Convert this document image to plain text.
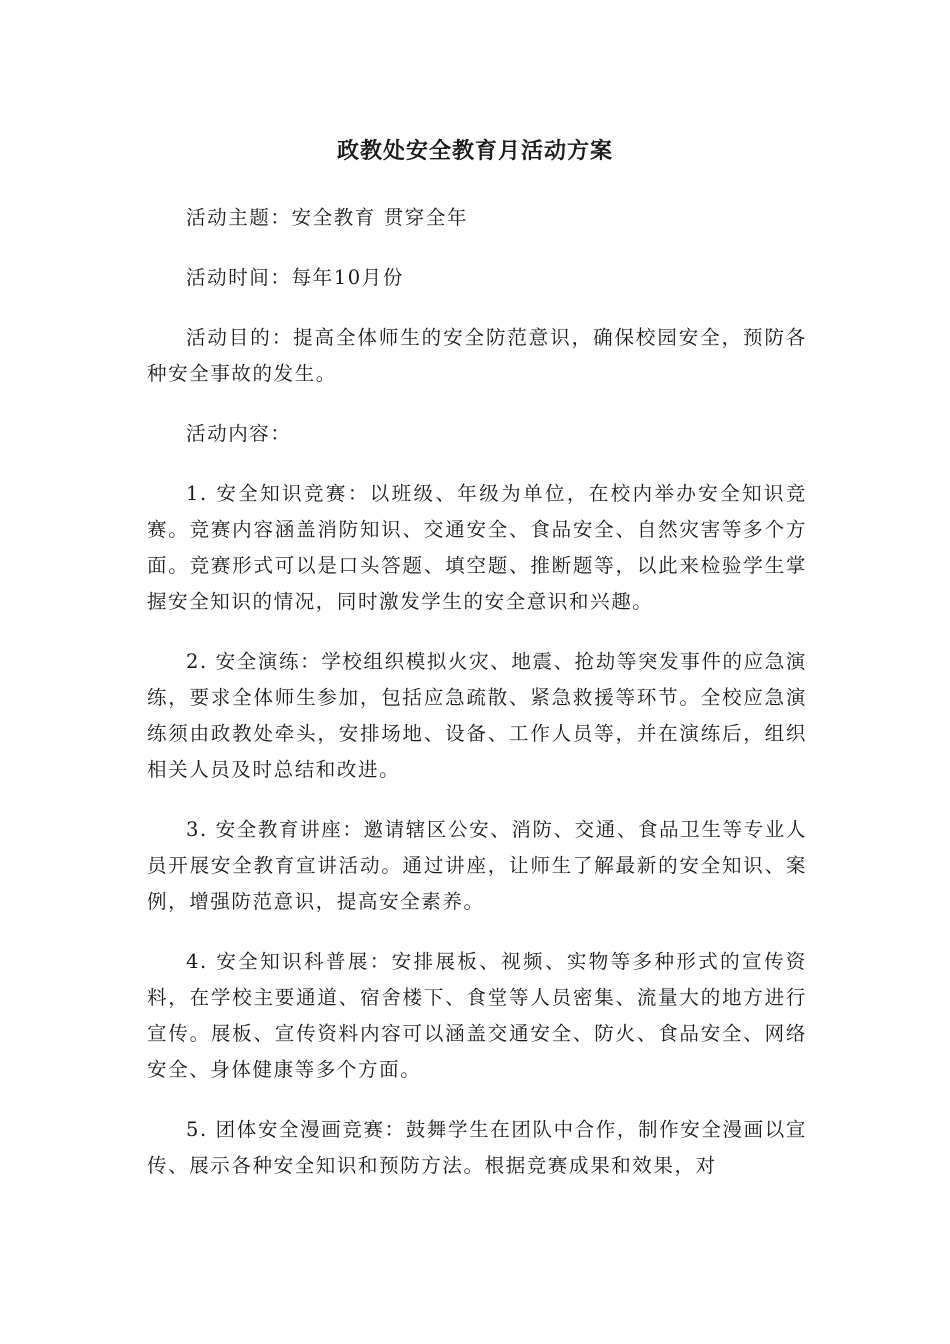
政教处安全教育月活动方案

活动主题：安全教育 贯穿全年

活动时间：每年10月份

活动目的：提高全体师生的安全防范意识，确保校园安全，预防各种安全事故的发生。

活动内容：

1. 安全知识竞赛：以班级、年级为单位，在校内举办安全知识竞赛。竞赛内容涵盖消防知识、交通安全、食品安全、自然灾害等多个方面。竞赛形式可以是口头答题、填空题、推断题等，以此来检验学生掌握安全知识的情况，同时激发学生的安全意识和兴趣。

2. 安全演练：学校组织模拟火灾、地震、抢劫等突发事件的应急演练，要求全体师生参加，包括应急疏散、紧急救援等环节。全校应急演练须由政教处牵头，安排场地、设备、工作人员等，并在演练后，组织相关人员及时总结和改进。

3. 安全教育讲座：邀请辖区公安、消防、交通、食品卫生等专业人员开展安全教育宣讲活动。通过讲座，让师生了解最新的安全知识、案例，增强防范意识，提高安全素养。

4. 安全知识科普展：安排展板、视频、实物等多种形式的宣传资料，在学校主要通道、宿舍楼下、食堂等人员密集、流量大的地方进行宣传。展板、宣传资料内容可以涵盖交通安全、防火、食品安全、网络安全、身体健康等多个方面。

5. 团体安全漫画竞赛：鼓舞学生在团队中合作，制作安全漫画以宣传、展示各种安全知识和预防方法。根据竞赛成果和效果，对
